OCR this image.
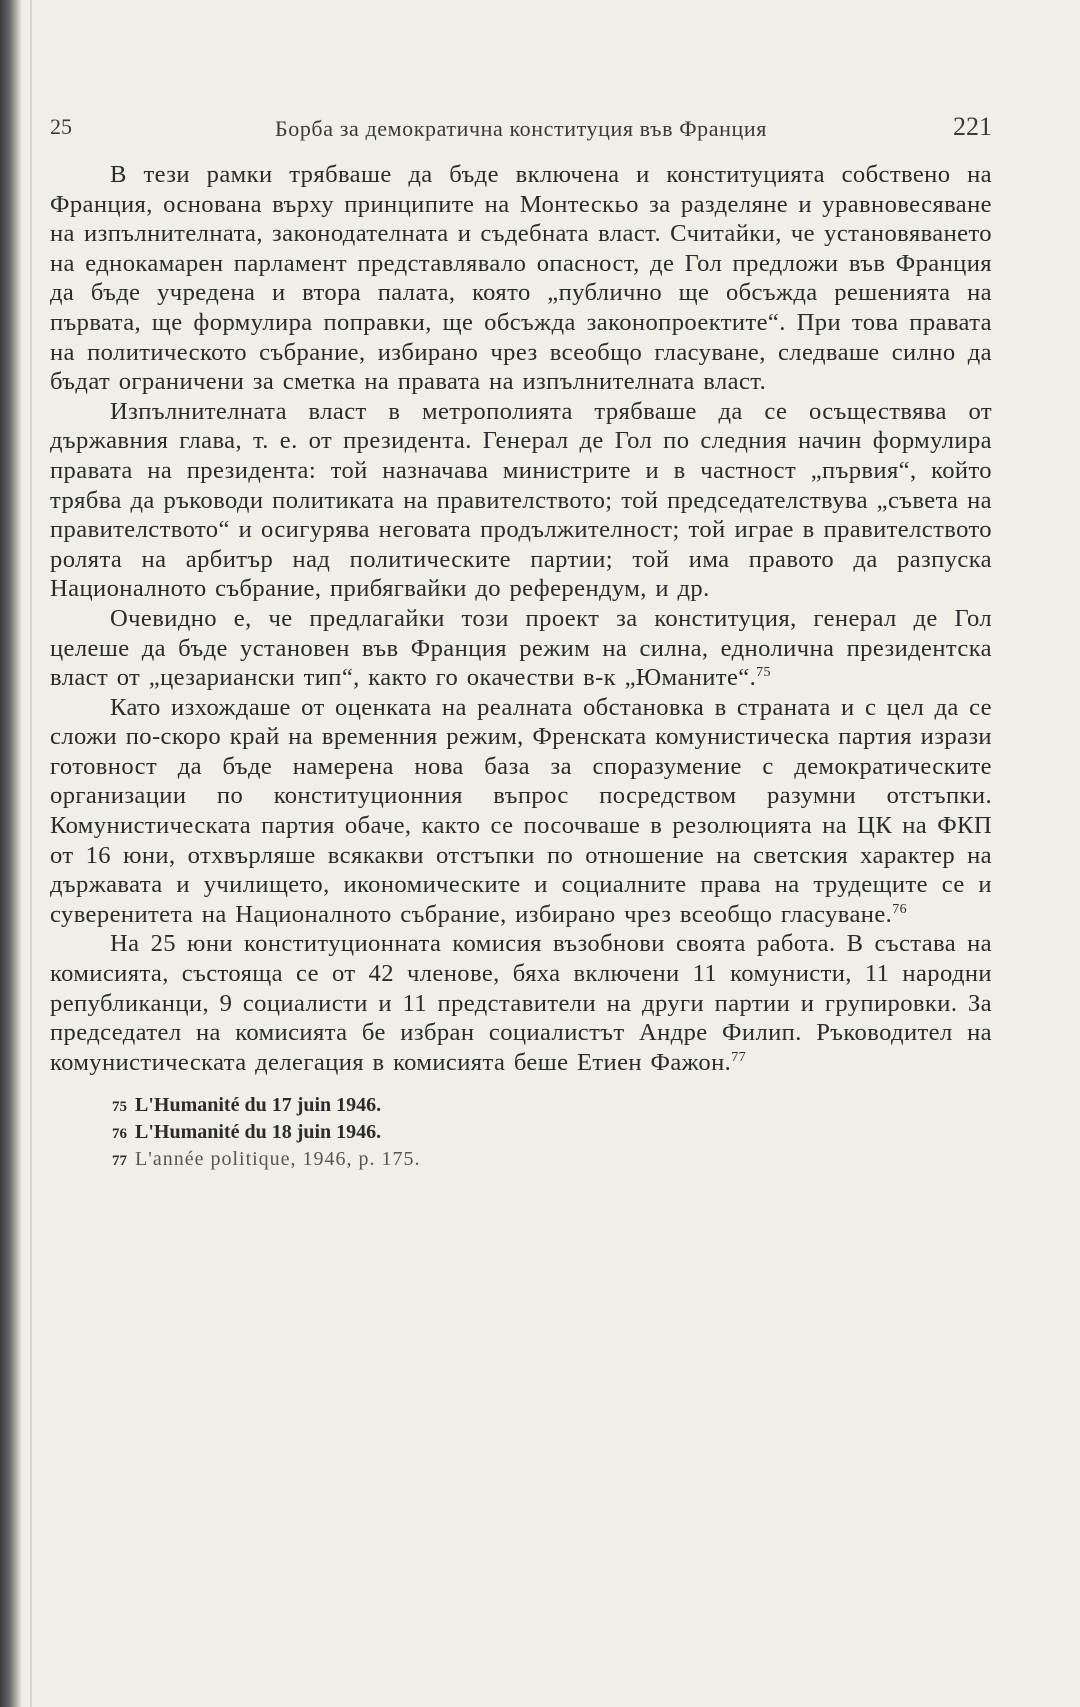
25	Борба за демократична конституция във Франция	221

В тези рамки трябваше да бъде включена и конституцията собствено на Франция, основана върху принципите на Монтескьо за разделяне и уравновесяване на изпълнителната, законодателната и съдебната власт. Считайки, че установяването на еднокамарен парламент представлявало опасност, де Гол предложи във Франция да бъде учредена и втора палата, която „публично ще обсъжда решенията на първата, ще формулира поправки, ще обсъжда законопроектите“. При това правата на политическото събрание, избирано чрез всеобщо гласуване, следваше силно да бъдат ограничени за сметка на правата на изпълнителната власт.

Изпълнителната власт в метрополията трябваше да се осъществява от държавния глава, т. е. от президента. Генерал де Гол по следния начин формулира правата на президента: той назначава министрите и в частност „първия“, който трябва да ръководи политиката на правителството; той председателствува „съвета на правителството“ и осигурява неговата продължителност; той играе в правителството ролята на арбитър над политическите партии; той има правото да разпуска Националното събрание, прибягвайки до референдум, и др.

Очевидно е, че предлагайки този проект за конституция, генерал де Гол целеше да бъде установен във Франция режим на силна, еднолична президентска власт от „цезариански тип“, както го окачестви в-к „Юманите“.$^{75}$

Като изхождаше от оценката на реалната обстановка в страната и с цел да се сложи по-скоро край на временния режим, Френската комунистическа партия изрази готовност да бъде намерена нова база за споразумение с демократическите организации по конституционния въпрос посредством разумни отстъпки. Комунистическата партия обаче, както се посочваше в резолюцията на ЦК на ФКП от 16 юни, отхвърляше всякакви отстъпки по отношение на светския характер на държавата и училището, икономическите и социалните права на трудещите се и суверенитета на Националното събрание, избирано чрез всеобщо гласуване.$^{76}$

На 25 юни конституционната комисия възобнови своята работа. В състава на комисията, състояща се от 42 членове, бяха включени 11 комунисти, 11 народни републиканци, 9 социалисти и 11 представители на други партии и групировки. За председател на комисията бе избран социалистът Андре Филип. Ръководител на комунистическата делегация в комисията беше Етиен Фажон.$^{77}$

75 L'Humanité du 17 juin 1946.

76 L'Humanité du 18 juin 1946.

77 L'année politique, 1946, p. 175.
